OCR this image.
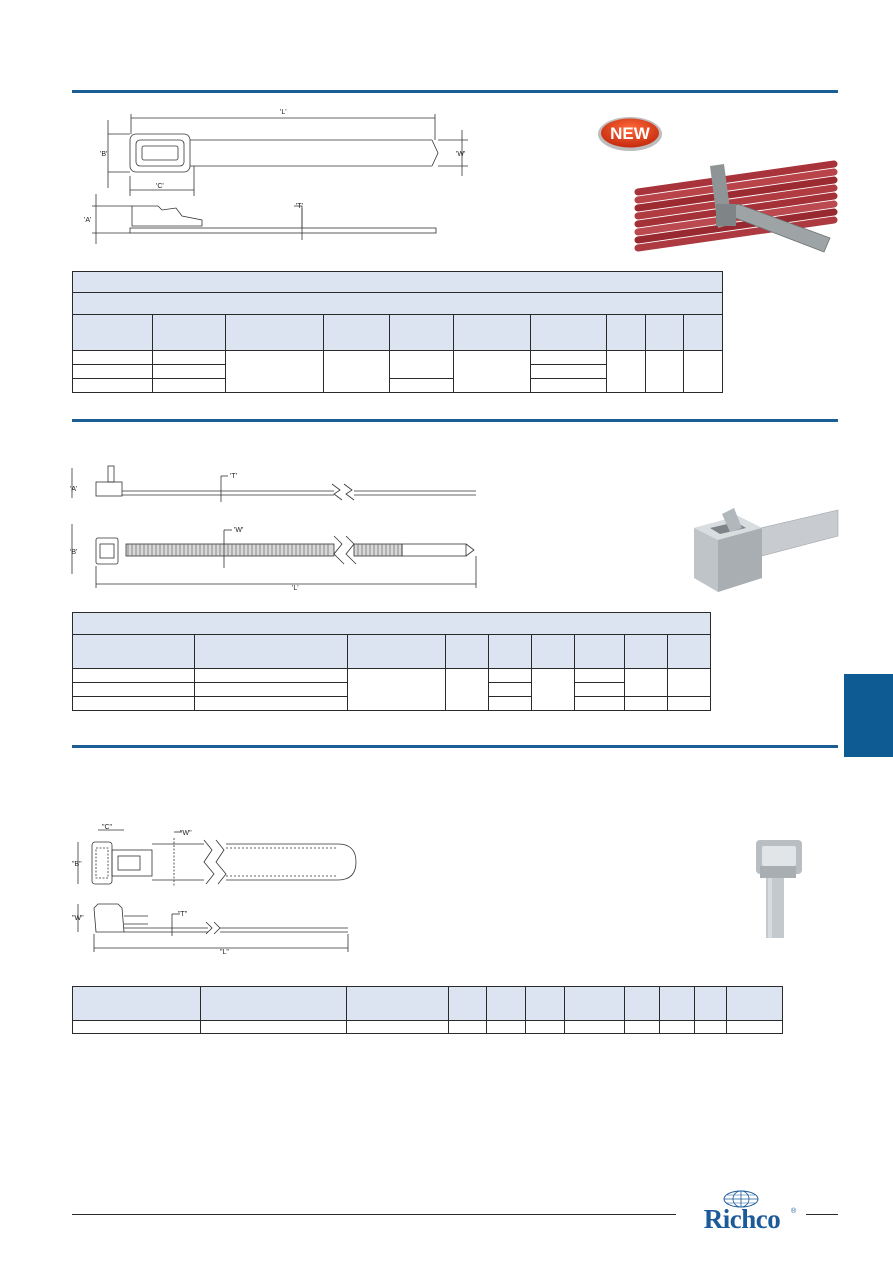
'L'
'B'	'W'
'C'
'A'
'T'
NEW

'A'
'T'
'B'
'W'
'L'

"C"
"W"
"B"
"W"
"T"
"L"

Richco	®
